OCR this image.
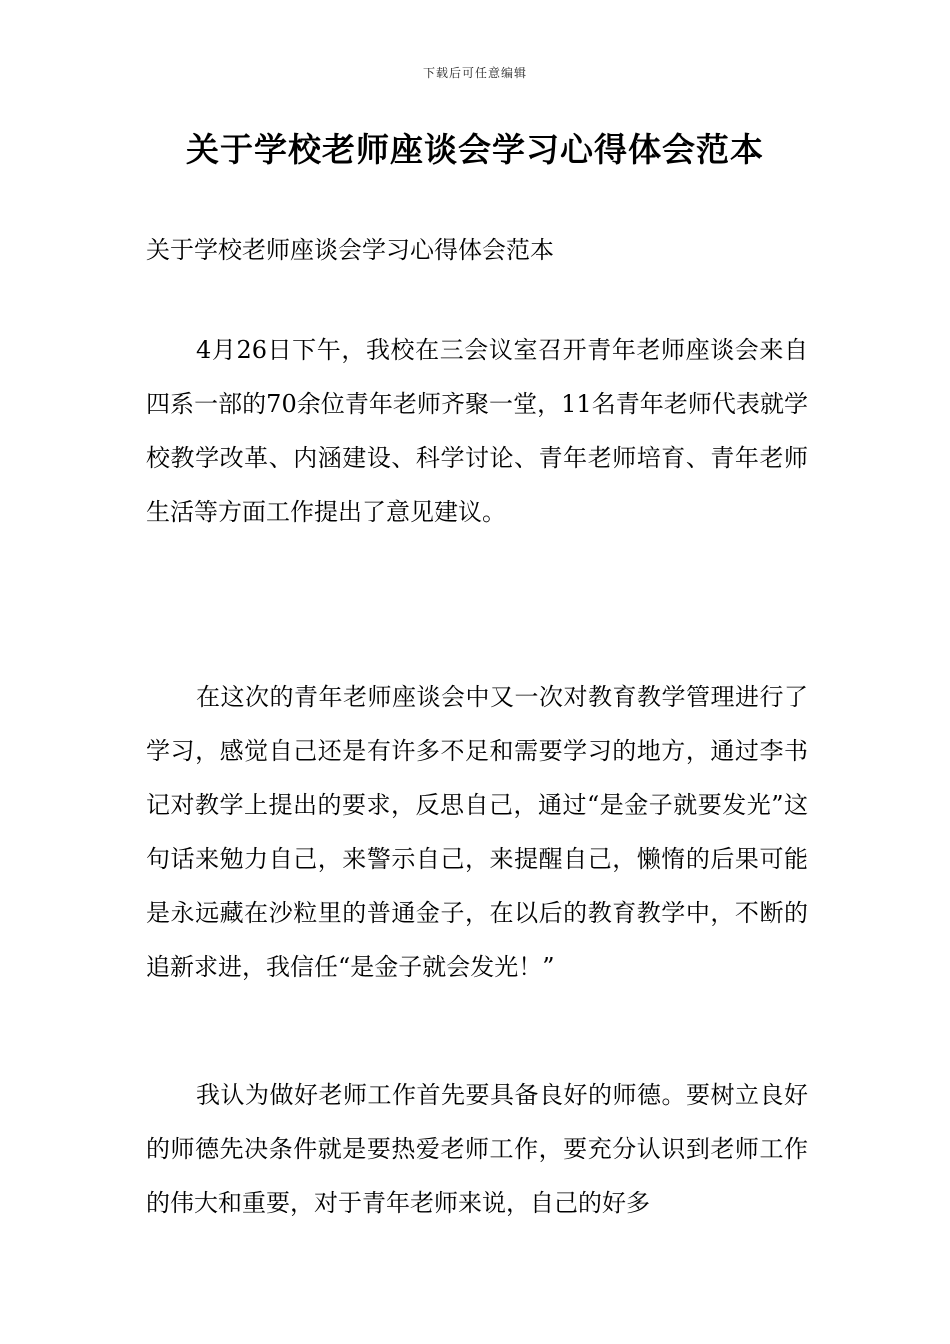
下载后可任意编辑
关于学校老师座谈会学习心得体会范本
关于学校老师座谈会学习心得体会范本

4月26日下午，我校在三会议室召开青年老师座谈会来自四系一部的70余位青年老师齐聚一堂，11名青年老师代表就学校教学改革、内涵建设、科学讨论、青年老师培育、青年老师生活等方面工作提出了意见建议。

在这次的青年老师座谈会中又一次对教育教学管理进行了学习，感觉自己还是有许多不足和需要学习的地方，通过李书记对教学上提出的要求，反思自己，通过“是金子就要发光”这句话来勉力自己，来警示自己，来提醒自己，懒惰的后果可能是永远藏在沙粒里的普通金子，在以后的教育教学中，不断的追新求进，我信任“是金子就会发光！”

我认为做好老师工作首先要具备良好的师德。要树立良好的师德先决条件就是要热爱老师工作，要充分认识到老师工作的伟大和重要，对于青年老师来说，自己的好多
